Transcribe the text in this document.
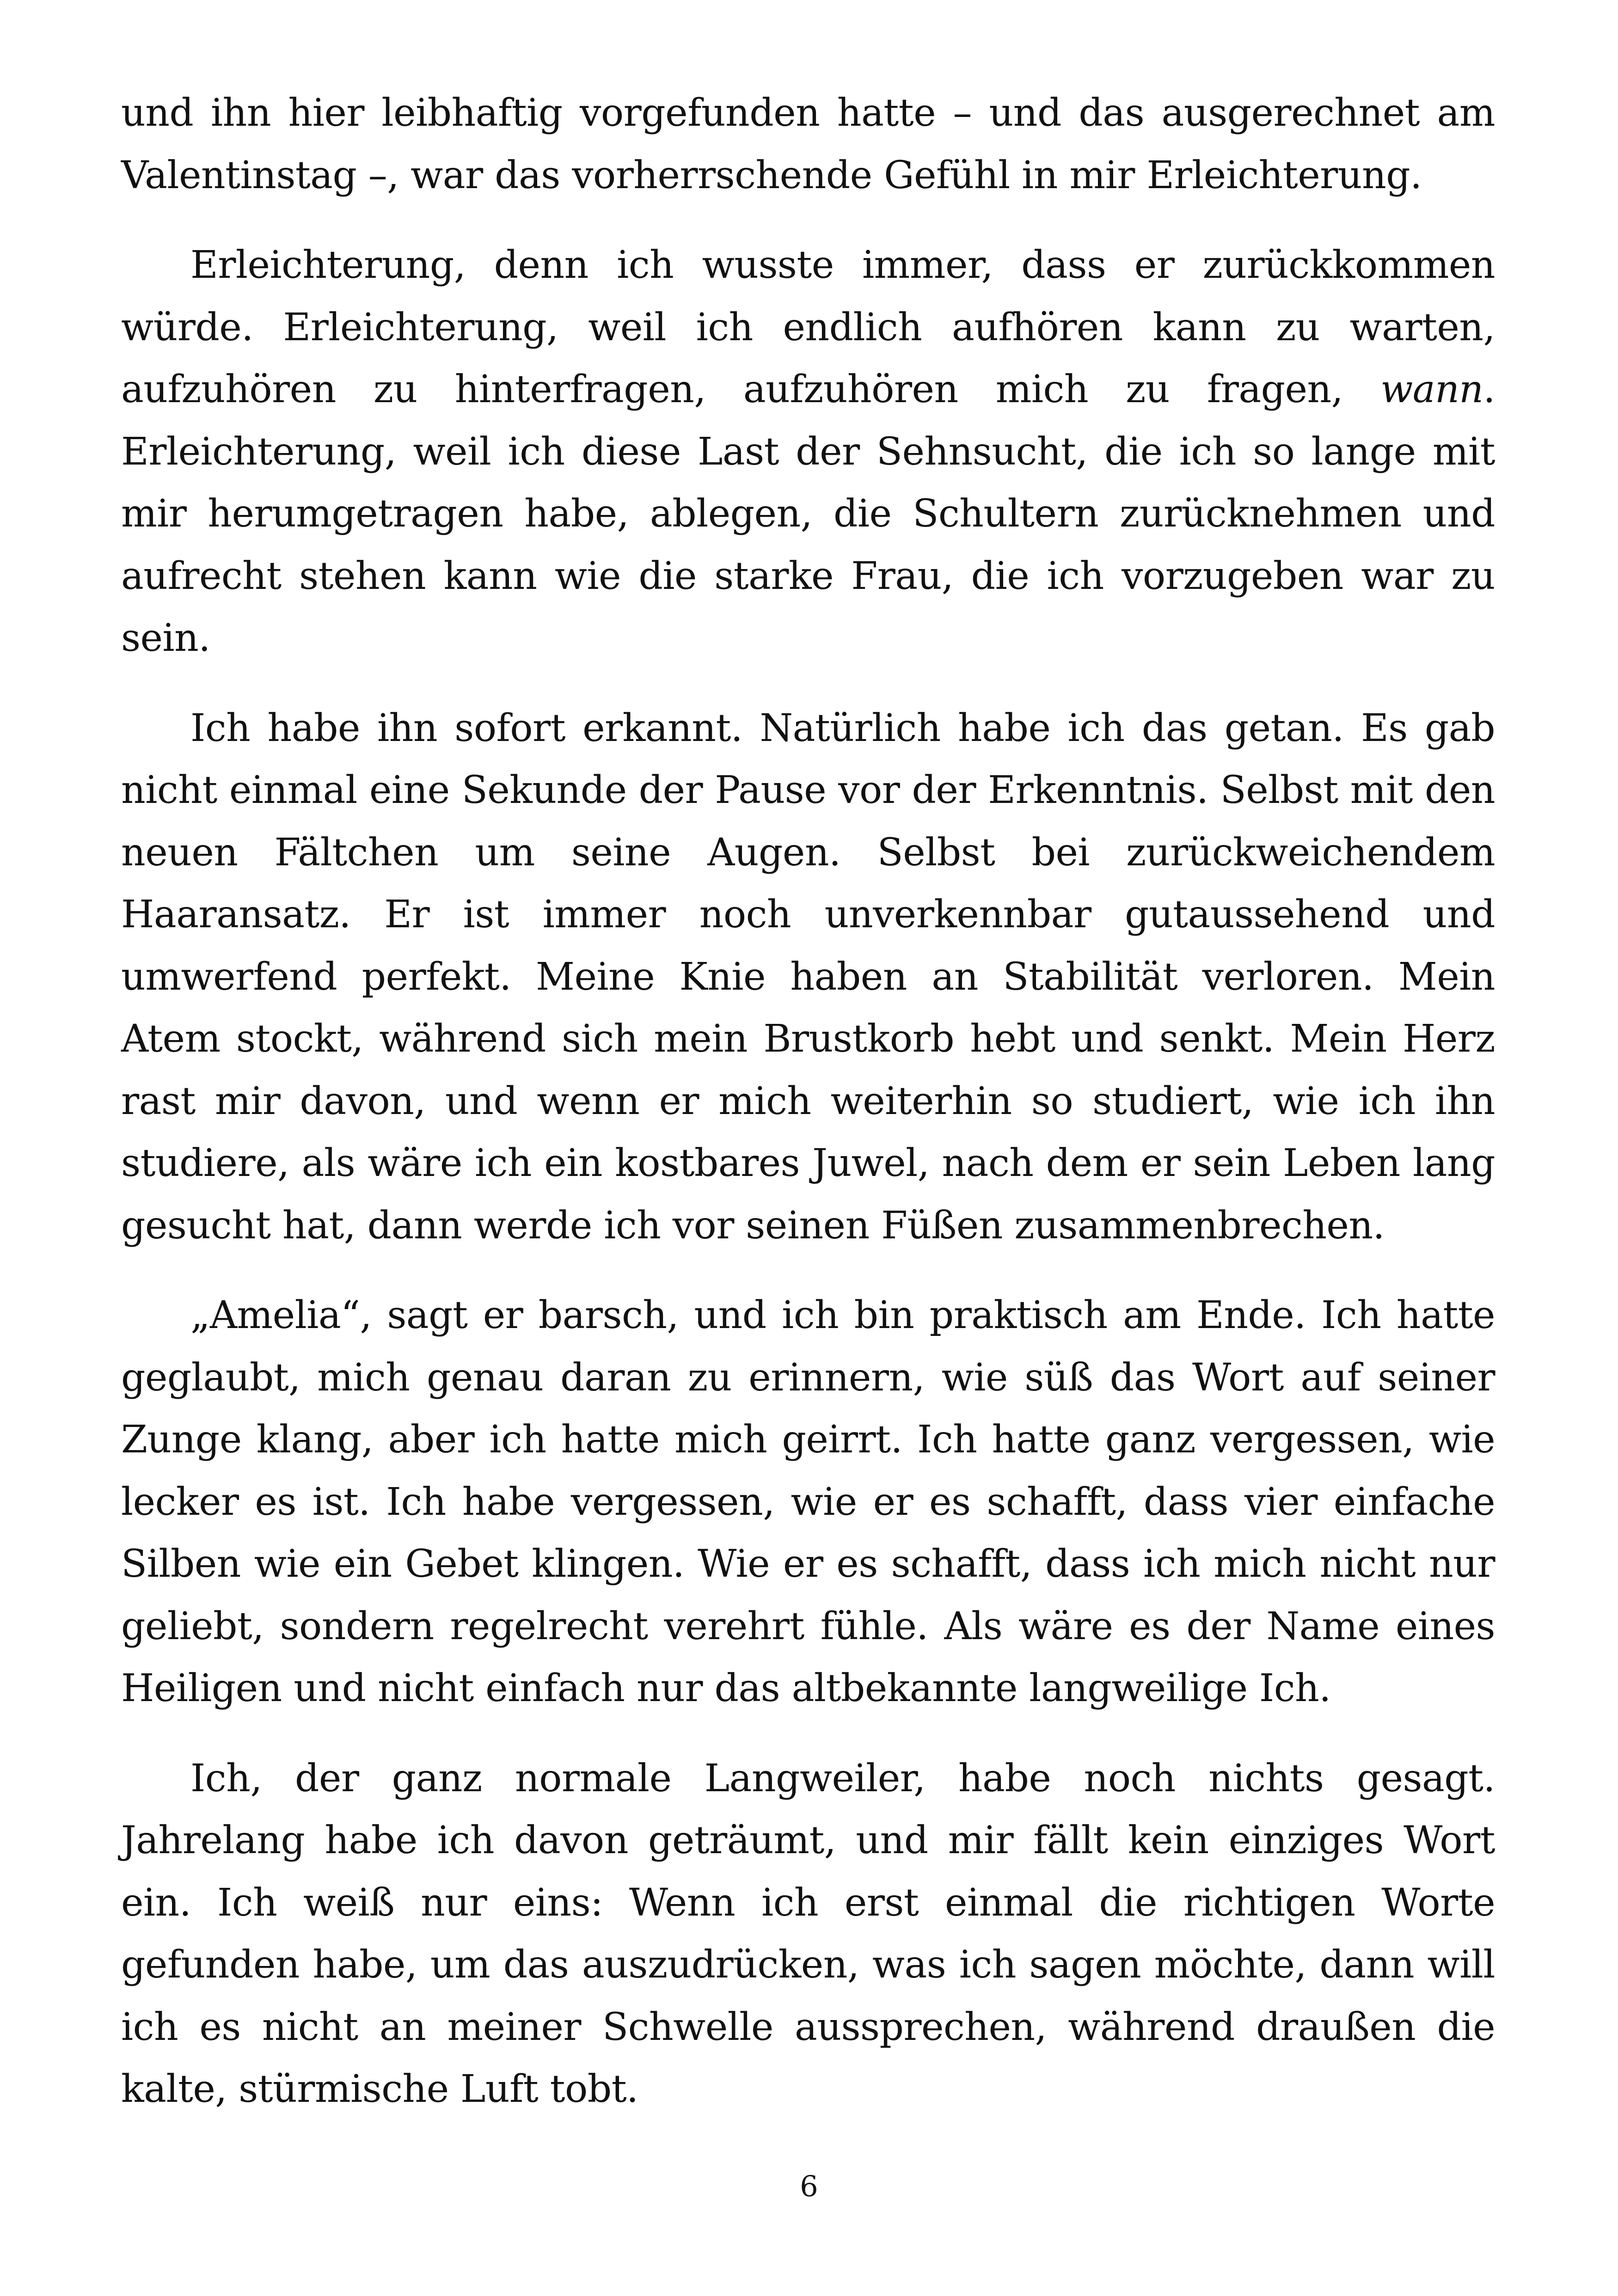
und ihn hier leibhaftig vorgefunden hatte – und das ausgerechnet am Valentinstag –, war das vorherrschende Gefühl in mir Erleichterung.

Erleichterung, denn ich wusste immer, dass er zurückkommen würde. Erleichterung, weil ich endlich aufhören kann zu warten, aufzuhören zu hinterfragen, aufzuhören mich zu fragen, wann. Erleichterung, weil ich diese Last der Sehnsucht, die ich so lange mit mir herumgetragen habe, ablegen, die Schultern zurücknehmen und aufrecht stehen kann wie die starke Frau, die ich vorzugeben war zu sein.

Ich habe ihn sofort erkannt. Natürlich habe ich das getan. Es gab nicht einmal eine Sekunde der Pause vor der Erkenntnis. Selbst mit den neuen Fältchen um seine Augen. Selbst bei zurückweichendem Haaransatz. Er ist immer noch unverkennbar gutaussehend und umwerfend perfekt. Meine Knie haben an Stabilität verloren. Mein Atem stockt, während sich mein Brustkorb hebt und senkt. Mein Herz rast mir davon, und wenn er mich weiterhin so studiert, wie ich ihn studiere, als wäre ich ein kostbares Juwel, nach dem er sein Leben lang gesucht hat, dann werde ich vor seinen Füßen zusammenbrechen.

„Amelia“, sagt er barsch, und ich bin praktisch am Ende. Ich hatte geglaubt, mich genau daran zu erinnern, wie süß das Wort auf seiner Zunge klang, aber ich hatte mich geirrt. Ich hatte ganz vergessen, wie lecker es ist. Ich habe vergessen, wie er es schafft, dass vier einfache Silben wie ein Gebet klingen. Wie er es schafft, dass ich mich nicht nur geliebt, sondern regelrecht verehrt fühle. Als wäre es der Name eines Heiligen und nicht einfach nur das altbekannte langweilige Ich.

Ich, der ganz normale Langweiler, habe noch nichts gesagt. Jahrelang habe ich davon geträumt, und mir fällt kein einziges Wort ein. Ich weiß nur eins: Wenn ich erst einmal die richtigen Worte gefunden habe, um das auszudrücken, was ich sagen möchte, dann will ich es nicht an meiner Schwelle aussprechen, während draußen die kalte, stürmische Luft tobt.

6
